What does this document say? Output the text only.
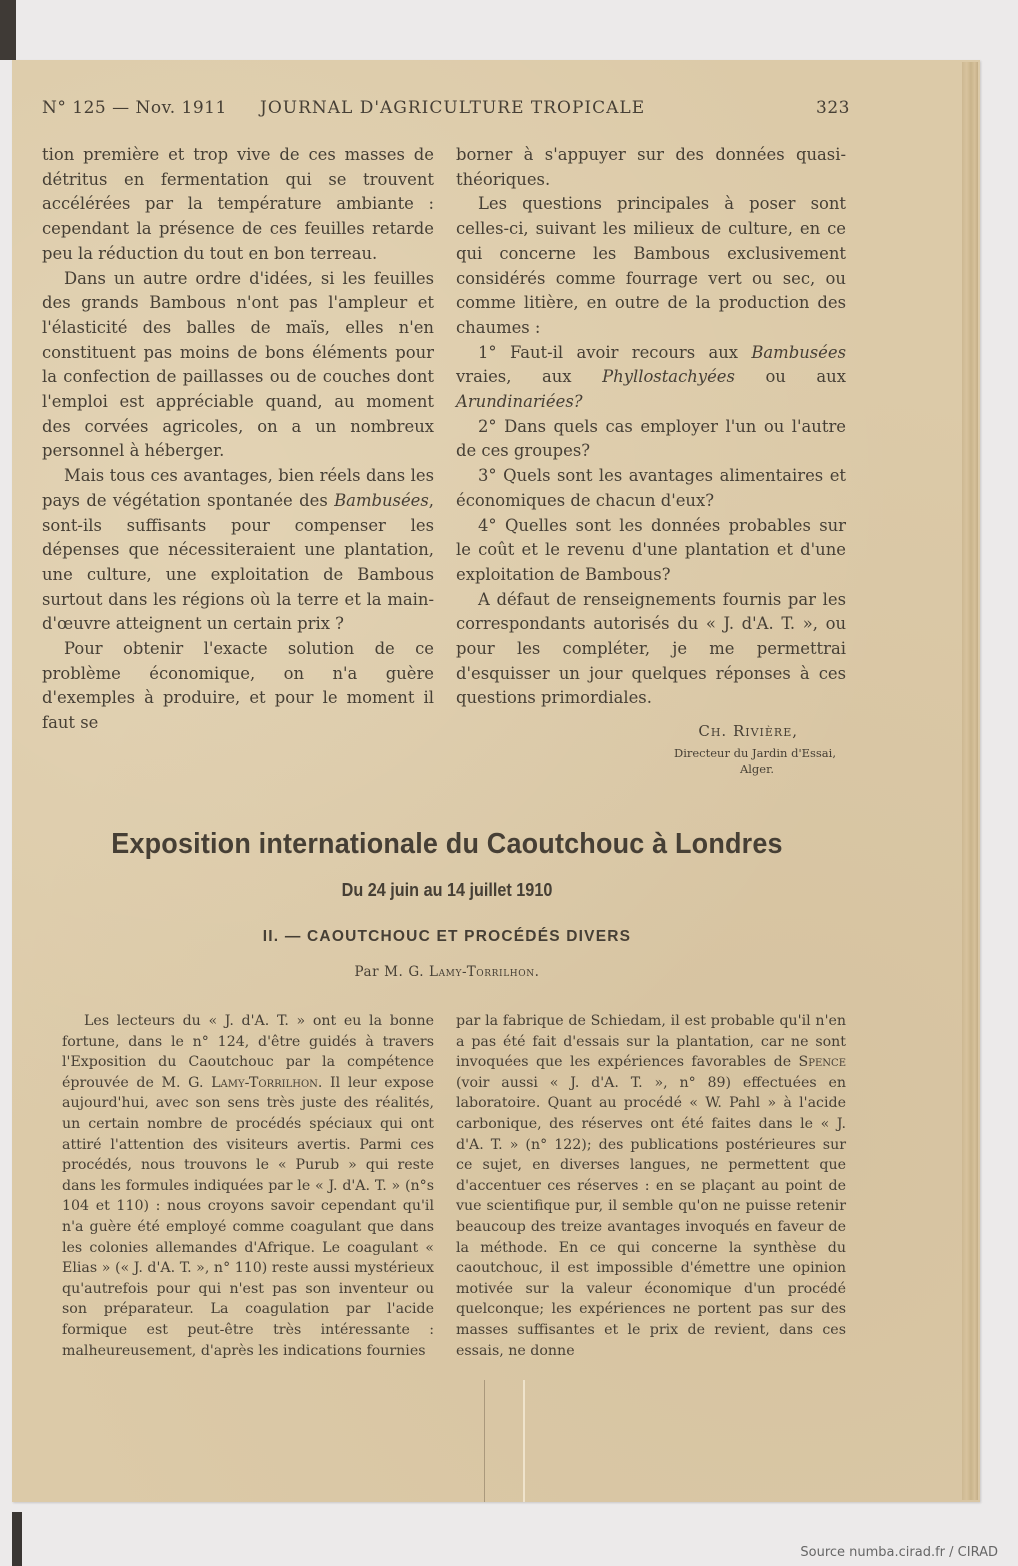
N° 125 — Nov. 1911 JOURNAL D'AGRICULTURE TROPICALE	323

tion première et trop vive de ces masses de détritus en fermentation qui se trouvent accélérées par la température ambiante : cependant la présence de ces feuilles retarde peu la réduction du tout en bon terreau.

Dans un autre ordre d'idées, si les feuilles des grands Bambous n'ont pas l'ampleur et l'élasticité des balles de maïs, elles n'en constituent pas moins de bons éléments pour la confection de paillasses ou de couches dont l'emploi est appréciable quand, au moment des corvées agricoles, on a un nombreux personnel à héberger.

Mais tous ces avantages, bien réels dans les pays de végétation spontanée des Bambusées, sont-ils suffisants pour compenser les dépenses que nécessiteraient une plantation, une culture, une exploitation de Bambous surtout dans les régions où la terre et la main-d'œuvre atteignent un certain prix ?

Pour obtenir l'exacte solution de ce problème économique, on n'a guère d'exemples à produire, et pour le moment il faut se

borner à s'appuyer sur des données quasi-théoriques.

Les questions principales à poser sont celles-ci, suivant les milieux de culture, en ce qui concerne les Bambous exclusivement considérés comme fourrage vert ou sec, ou comme litière, en outre de la production des chaumes :

1° Faut-il avoir recours aux Bambusées vraies, aux Phyllostachyées ou aux Arundinariées?

2° Dans quels cas employer l'un ou l'autre de ces groupes?

3° Quels sont les avantages alimentaires et économiques de chacun d'eux?

4° Quelles sont les données probables sur le coût et le revenu d'une plantation et d'une exploitation de Bambous?

A défaut de renseignements fournis par les correspondants autorisés du « J. d'A. T. », ou pour les compléter, je me permettrai d'esquisser un jour quelques réponses à ces questions primordiales.

Ch. Rivière,
Directeur du Jardin d'Essai,
Alger.
Exposition internationale du Caoutchouc à Londres
Du 24 juin au 14 juillet 1910
II. — CAOUTCHOUC ET PROCÉDÉS DIVERS
Par M. G. Lamy-Torrilhon.

Les lecteurs du « J. d'A. T. » ont eu la bonne fortune, dans le n° 124, d'être guidés à travers l'Exposition du Caoutchouc par la compétence éprouvée de M. G. Lamy-Torrilhon. Il leur expose aujourd'hui, avec son sens très juste des réalités, un certain nombre de procédés spéciaux qui ont attiré l'attention des visiteurs avertis. Parmi ces procédés, nous trouvons le « Purub » qui reste dans les formules indiquées par le « J. d'A. T. » (n°s 104 et 110) : nous croyons savoir cependant qu'il n'a guère été employé comme coagulant que dans les colonies allemandes d'Afrique. Le coagulant « Elias » (« J. d'A. T. », n° 110) reste aussi mystérieux qu'autrefois pour qui n'est pas son inventeur ou son préparateur. La coagulation par l'acide formique est peut-être très intéressante : malheureusement, d'après les indications fournies

par la fabrique de Schiedam, il est probable qu'il n'en a pas été fait d'essais sur la plantation, car ne sont invoquées que les expériences favorables de Spence (voir aussi « J. d'A. T. », n° 89) effectuées en laboratoire. Quant au procédé « W. Pahl » à l'acide carbonique, des réserves ont été faites dans le « J. d'A. T. » (n° 122); des publications postérieures sur ce sujet, en diverses langues, ne permettent que d'accentuer ces réserves : en se plaçant au point de vue scientifique pur, il semble qu'on ne puisse retenir beaucoup des treize avantages invoqués en faveur de la méthode. En ce qui concerne la synthèse du caoutchouc, il est impossible d'émettre une opinion motivée sur la valeur économique d'un procédé quelconque; les expériences ne portent pas sur des masses suffisantes et le prix de revient, dans ces essais, ne donne

Source numba.cirad.fr / CIRAD
